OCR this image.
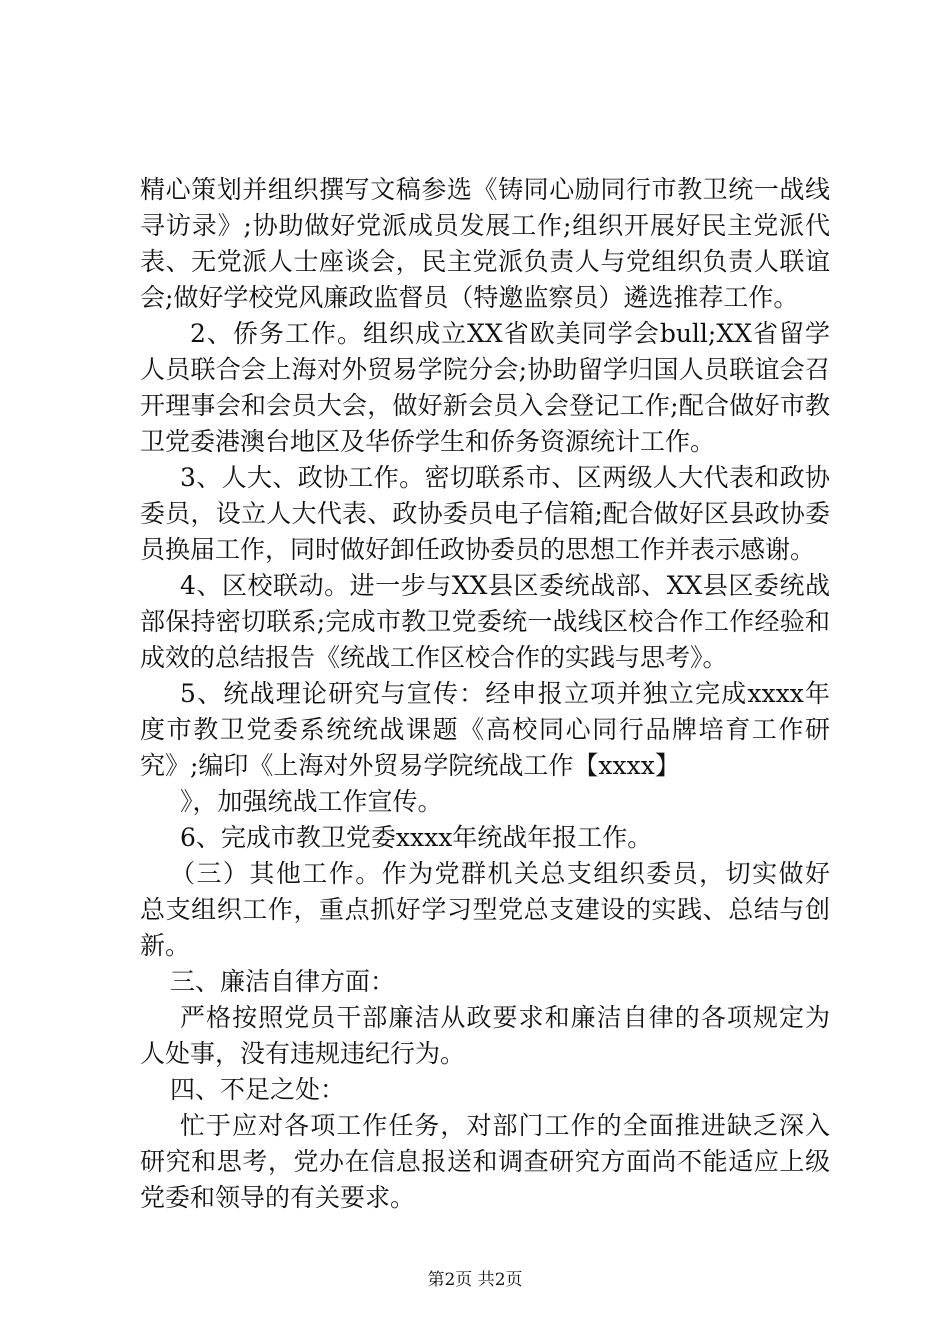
精心策划并组织撰写文稿参选《铸同心励同行市教卫统一战线
寻访录》;协助做好党派成员发展工作;组织开展好民主党派代
表、无党派人士座谈会，民主党派负责人与党组织负责人联谊
会;做好学校党风廉政监督员（特邀监察员）遴选推荐工作。
2、侨务工作。组织成立XX省欧美同学会bull;XX省留学
人员联合会上海对外贸易学院分会;协助留学归国人员联谊会召
开理事会和会员大会，做好新会员入会登记工作;配合做好市教
卫党委港澳台地区及华侨学生和侨务资源统计工作。
3、人大、政协工作。密切联系市、区两级人大代表和政协
委员，设立人大代表、政协委员电子信箱;配合做好区县政协委
员换届工作，同时做好卸任政协委员的思想工作并表示感谢。
4、区校联动。进一步与XX县区委统战部、XX县区委统战
部保持密切联系;完成市教卫党委统一战线区校合作工作经验和
成效的总结报告《统战工作区校合作的实践与思考》。
5、统战理论研究与宣传：经申报立项并独立完成xxxx年
度市教卫党委系统统战课题《高校同心同行品牌培育工作研
究》;编印《上海对外贸易学院统战工作【xxxx】
》，加强统战工作宣传。
6、完成市教卫党委xxxx年统战年报工作。
（三）其他工作。作为党群机关总支组织委员，切实做好
总支组织工作，重点抓好学习型党总支建设的实践、总结与创
新。
三、廉洁自律方面：
严格按照党员干部廉洁从政要求和廉洁自律的各项规定为
人处事，没有违规违纪行为。
四、不足之处：
忙于应对各项工作任务，对部门工作的全面推进缺乏深入
研究和思考，党办在信息报送和调查研究方面尚不能适应上级
党委和领导的有关要求。
第2页 共2页
